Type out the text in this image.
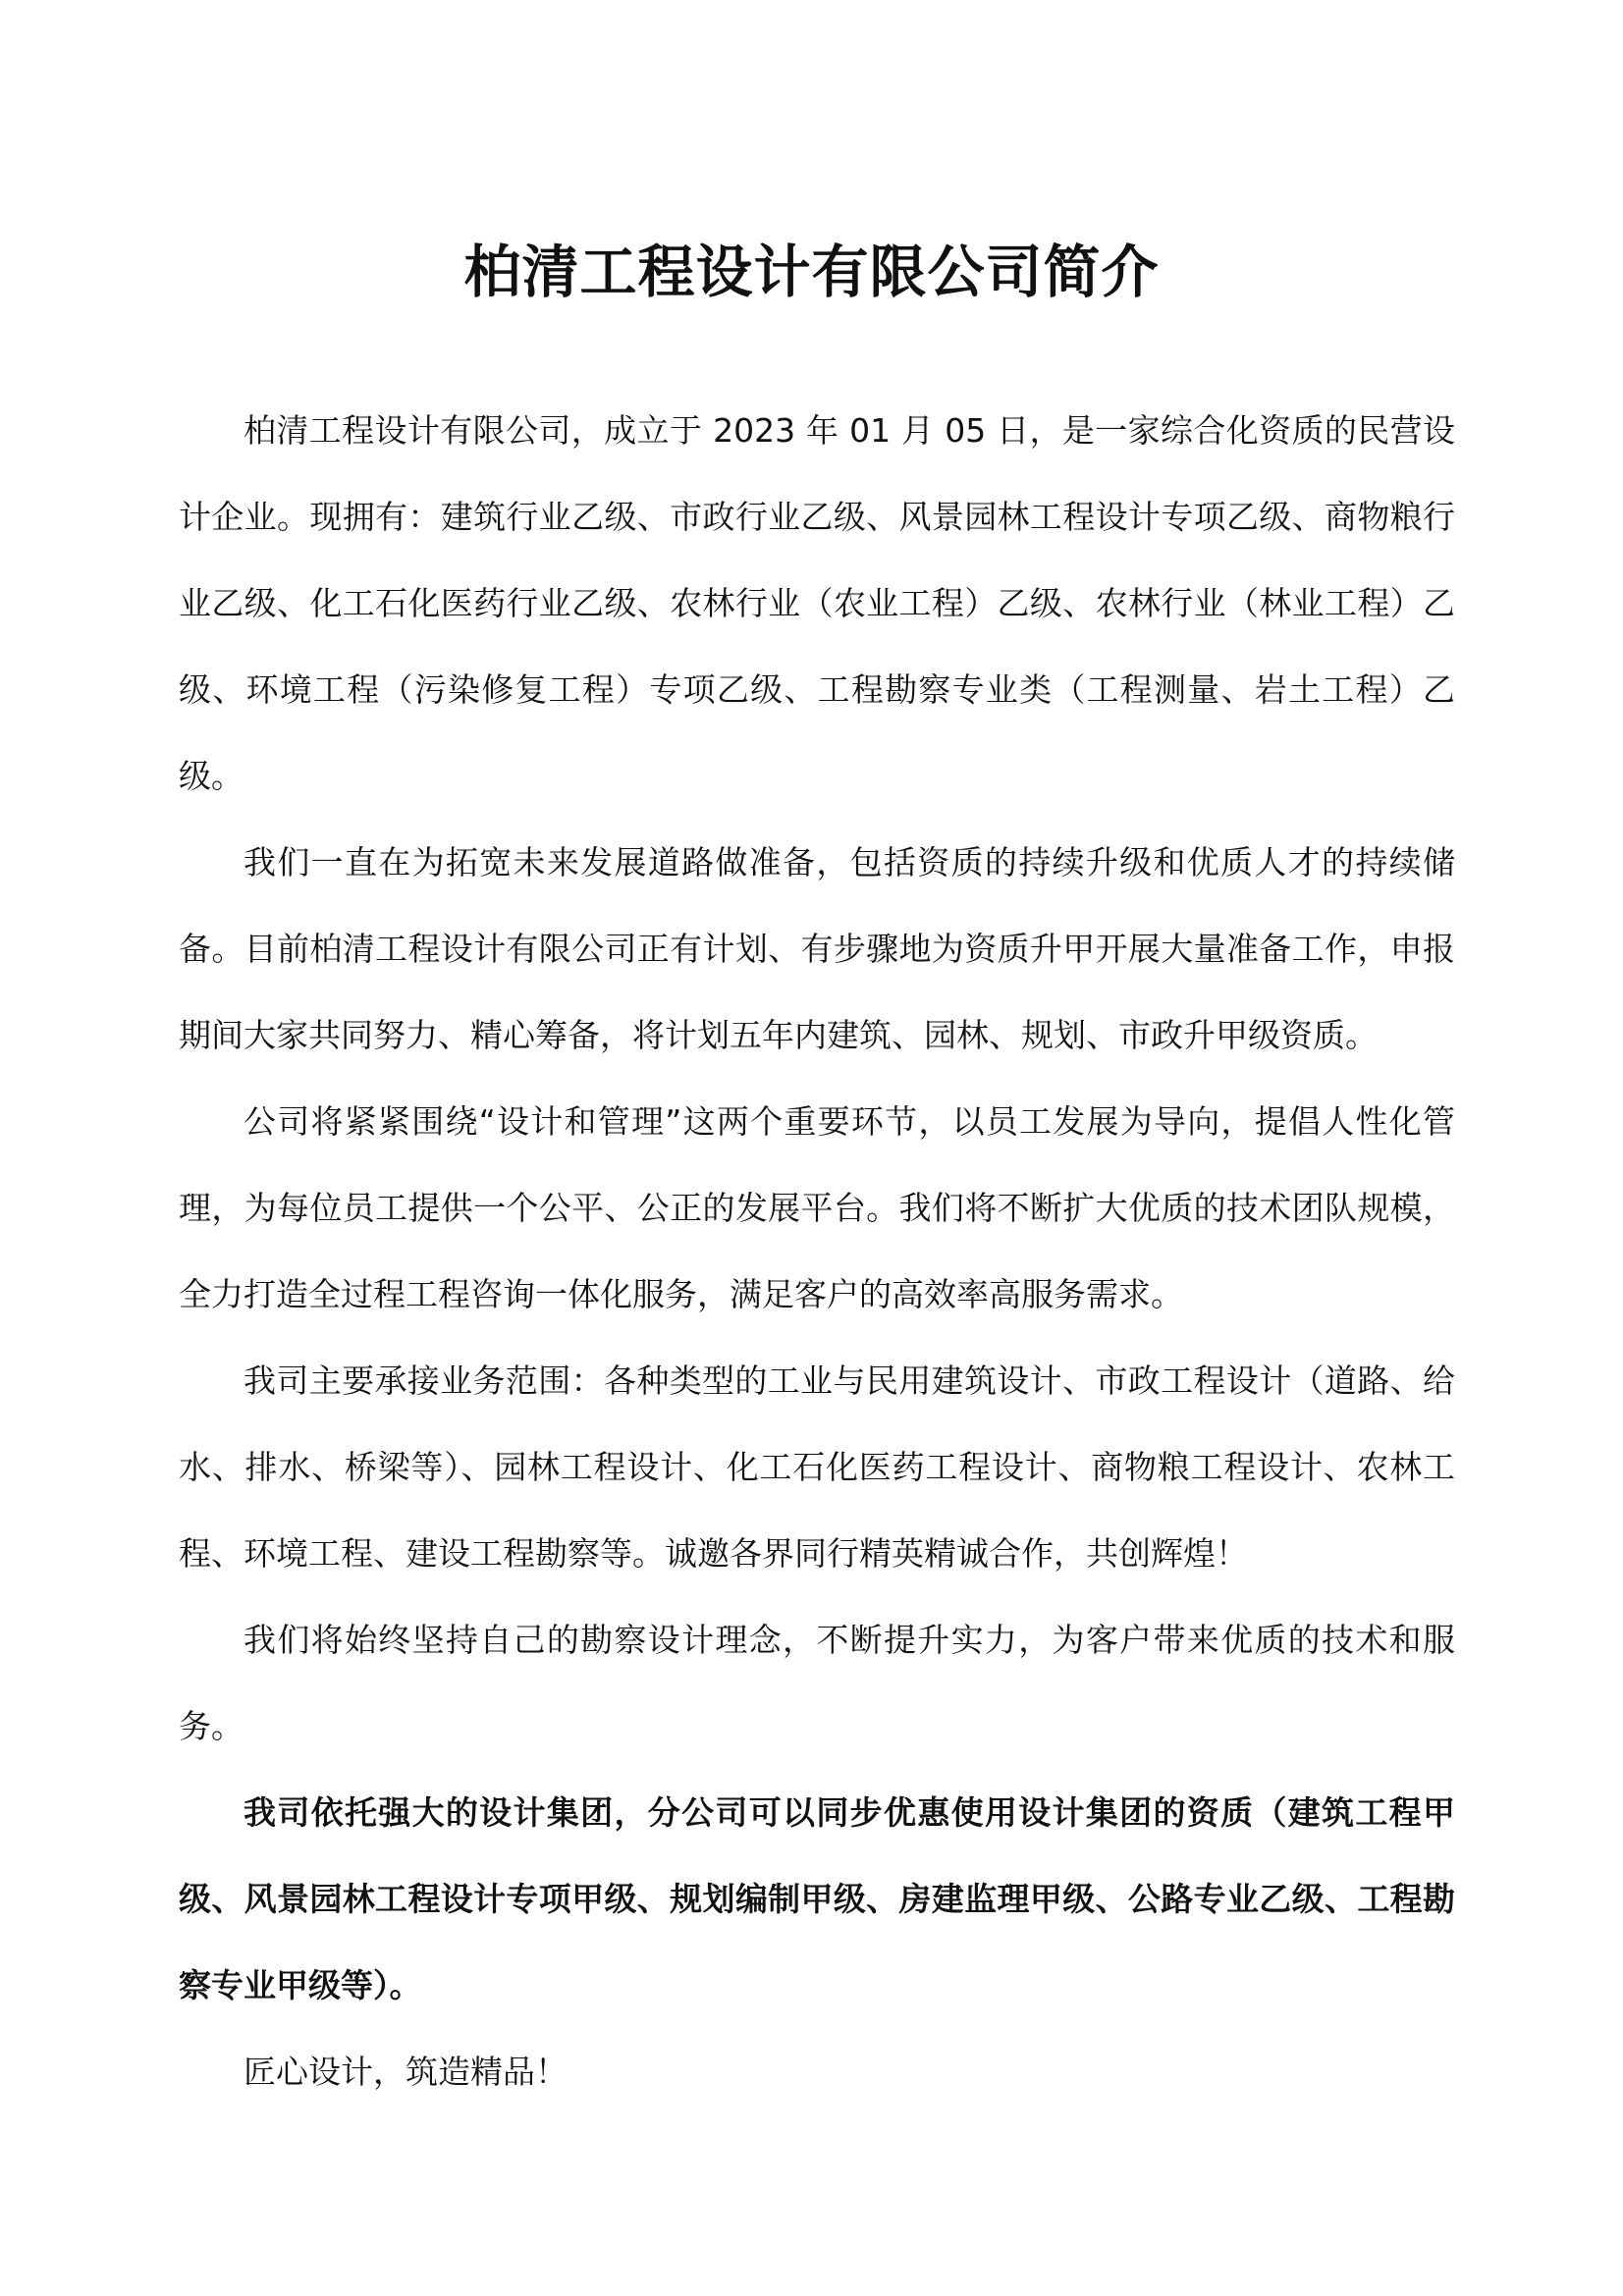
柏清工程设计有限公司简介

柏清工程设计有限公司，成立于 2023 年 01 月 05 日，是一家综合化资质的民营设计企业。现拥有：建筑行业乙级、市政行业乙级、风景园林工程设计专项乙级、商物粮行业乙级、化工石化医药行业乙级、农林行业（农业工程）乙级、农林行业（林业工程）乙级、环境工程（污染修复工程）专项乙级、工程勘察专业类（工程测量、岩土工程）乙级。

我们一直在为拓宽未来发展道路做准备，包括资质的持续升级和优质人才的持续储备。目前柏清工程设计有限公司正有计划、有步骤地为资质升甲开展大量准备工作，申报期间大家共同努力、精心筹备，将计划五年内建筑、园林、规划、市政升甲级资质。

公司将紧紧围绕“设计和管理”这两个重要环节，以员工发展为导向，提倡人性化管理，为每位员工提供一个公平、公正的发展平台。我们将不断扩大优质的技术团队规模，全力打造全过程工程咨询一体化服务，满足客户的高效率高服务需求。

我司主要承接业务范围：各种类型的工业与民用建筑设计、市政工程设计（道路、给水、排水、桥梁等）、园林工程设计、化工石化医药工程设计、商物粮工程设计、农林工程、环境工程、建设工程勘察等。诚邀各界同行精英精诚合作，共创辉煌！

我们将始终坚持自己的勘察设计理念，不断提升实力，为客户带来优质的技术和服务。

我司依托强大的设计集团，分公司可以同步优惠使用设计集团的资质（建筑工程甲级、风景园林工程设计专项甲级、规划编制甲级、房建监理甲级、公路专业乙级、工程勘察专业甲级等）。

匠心设计，筑造精品！
